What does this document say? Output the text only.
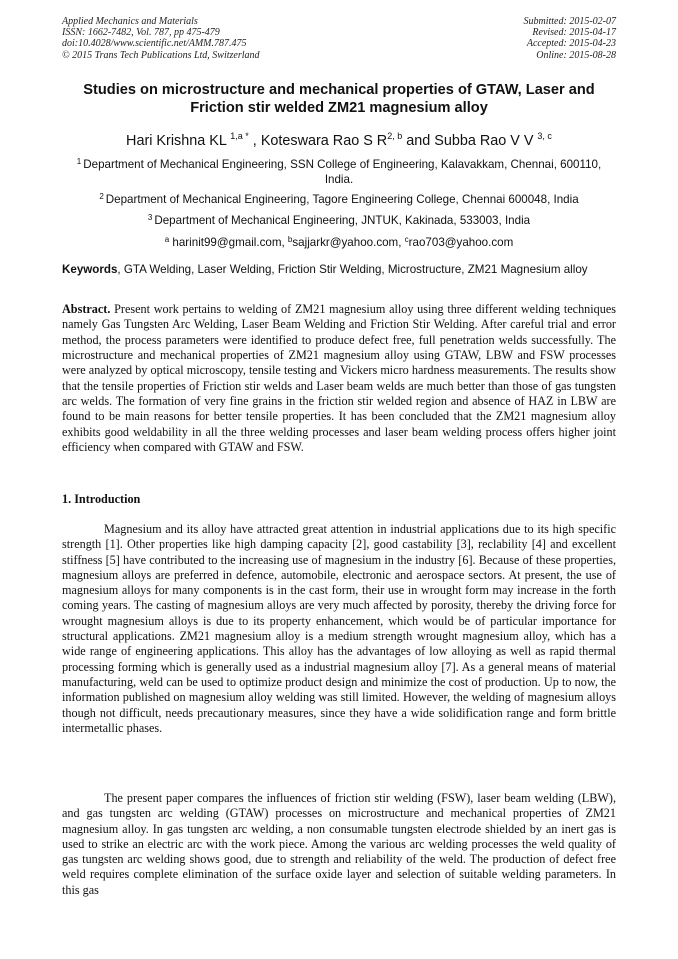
Applied Mechanics and Materials
ISSN: 1662-7482, Vol. 787, pp 475-479
doi:10.4028/www.scientific.net/AMM.787.475
© 2015 Trans Tech Publications Ltd, Switzerland
Submitted: 2015-02-07
Revised: 2015-04-17
Accepted: 2015-04-23
Online: 2015-08-28
Studies on microstructure and mechanical properties of GTAW, Laser and Friction stir welded ZM21 magnesium alloy
Hari Krishna KL $^{1,a *}$ , Koteswara Rao S R$^{2, b}$ and Subba Rao V V $^{3, c}$
$^1$ Department of Mechanical Engineering, SSN College of Engineering, Kalavakkam, Chennai, 600110, India.
$^2$ Department of Mechanical Engineering, Tagore Engineering College, Chennai 600048, India
$^3$ Department of Mechanical Engineering, JNTUK, Kakinada, 533003, India
$^a$ harinit99@gmail.com, $^b$sajjarkr@yahoo.com, $^c$rao703@yahoo.com

Keywords, GTA Welding, Laser Welding, Friction Stir Welding, Microstructure, ZM21 Magnesium alloy

Abstract. Present work pertains to welding of ZM21 magnesium alloy using three different welding techniques namely Gas Tungsten Arc Welding, Laser Beam Welding and Friction Stir Welding. After careful trial and error method, the process parameters were identified to produce defect free, full penetration welds successfully. The microstructure and mechanical properties of ZM21 magnesium alloy using GTAW, LBW and FSW processes were analyzed by optical microscopy, tensile testing and Vickers micro hardness measurements. The results show that the tensile properties of Friction stir welds and Laser beam welds are much better than those of gas tungsten arc welds. The formation of very fine grains in the friction stir welded region and absence of HAZ in LBW are found to be main reasons for better tensile properties. It has been concluded that the ZM21 magnesium alloy exhibits good weldability in all the three welding processes and laser beam welding process offers higher joint efficiency when compared with GTAW and FSW.

1. Introduction

Magnesium and its alloy have attracted great attention in industrial applications due to its high specific strength [1]. Other properties like high damping capacity [2], good castability [3], reclability [4] and excellent stiffness [5] have contributed to the increasing use of magnesium in the industry [6]. Because of these properties, magnesium alloys are preferred in defence, automobile, electronic and aerospace sectors. At present, the use of magnesium alloys for many components is in the cast form, their use in wrought form may increase in the forth coming years. The casting of magnesium alloys are very much affected by porosity, thereby the driving force for wrought magnesium alloys is due to its property enhancement, which would be of particular importance for structural applications. ZM21 magnesium alloy is a medium strength wrought magnesium alloy, which has a wide range of engineering applications. This alloy has the advantages of low alloying as well as rapid thermal processing forming which is generally used as a industrial magnesium alloy [7]. As a general means of material manufacturing, weld can be used to optimize product design and minimize the cost of production. Up to now, the information published on magnesium alloy welding was still limited. However, the welding of magnesium alloys though not difficult, needs precautionary measures, since they have a wide solidification range and form brittle intermetallic phases.

The present paper compares the influences of friction stir welding (FSW), laser beam welding (LBW), and gas tungsten arc welding (GTAW) processes on microstructure and mechanical properties of ZM21 magnesium alloy. In gas tungsten arc welding, a non consumable tungsten electrode shielded by an inert gas is used to strike an electric arc with the work piece. Among the various arc welding processes the weld quality of gas tungsten arc welding shows good, due to strength and reliability of the weld. The production of defect free weld requires complete elimination of the surface oxide layer and selection of suitable welding parameters. In this gas
